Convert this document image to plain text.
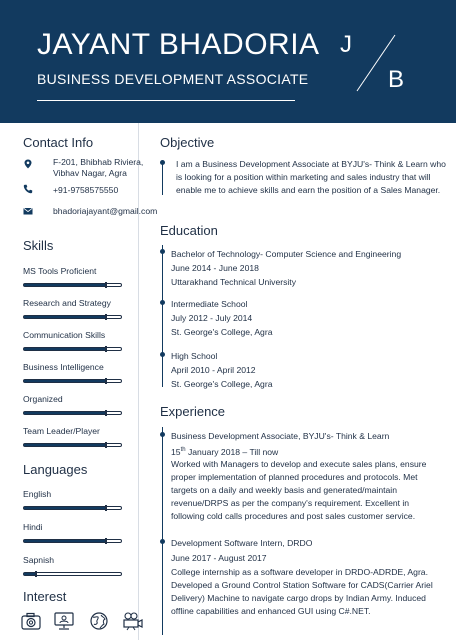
JAYANT BHADORIA
BUSINESS DEVELOPMENT ASSOCIATE
J
B
Contact Info
F-201, Bhibhab Riviera,
Vibhav Nagar, Agra
+91-9758575550
bhadoriajayant@gmail.com
Skills
MS Tools Proficient
Research and Strategy
Communication Skills
Business Intelligence
Organized
Team Leader/Player
Languages
English
Hindi
Sapnish
Interest
Objective
I am a Business Development Associate at BYJU's- Think & Learn who
is looking for a position within marketing and sales industry that will
enable me to achieve skills and earn the position of a Sales Manager.
Education
Bachelor of Technology- Computer Science and Engineering
June 2014 - June 2018
Uttarakhand Technical University
Intermediate School
July 2012 - July 2014
St. George's College, Agra
High School
April 2010 - April 2012
St. George's College, Agra
Experience
Business Development Associate, BYJU's- Think & Learn
15th January 2018 – Till now
Worked with Managers to develop and execute sales plans, ensure
proper implementation of planned procedures and protocols. Met
targets on a daily and weekly basis and generated/maintain
revenue/DRPS as per the company's requirement. Excellent in
following cold calls procedures and post sales customer service.
Development Software Intern, DRDO
June 2017 - August 2017
College internship as a software developer in DRDO-ADRDE, Agra.
Developed a Ground Control Station Software for CADS(Carrier Ariel
Delivery) Machine to navigate cargo drops by Indian Army. Induced
offline capabilities and enhanced GUI using C#.NET.
